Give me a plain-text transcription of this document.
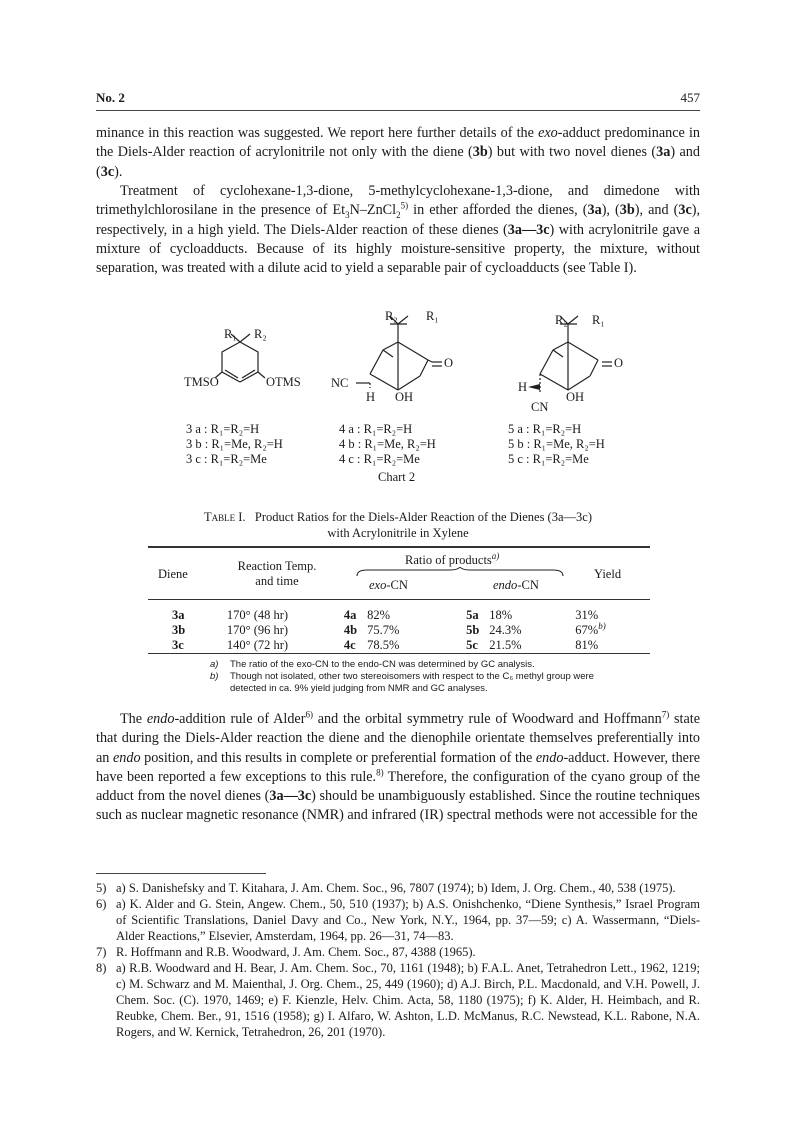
No. 2	457

minance in this reaction was suggested. We report here further details of the exo-adduct predominance in the Diels-Alder reaction of acrylonitrile not only with the diene (3b) but with two novel dienes (3a) and (3c).

Treatment of cyclohexane-1,3-dione, 5-methylcyclohexane-1,3-dione, and dimedone with trimethylchlorosilane in the presence of $Et_3N-ZnCl_2^{5)}$ in ether afforded the dienes, (3a), (3b), and (3c), respectively, in a high yield. The Diels-Alder reaction of these dienes (3a—3c) with acrylonitrile gave a mixture of cycloadducts. Because of its highly moisture-sensitive property, the mixture, without separation, was treated with a dilute acid to yield a separable pair of cycloadducts (see Table I).

R₁ R₂
TMSO	OTMS
R₂ R₁
O
NC
H OH
R₂ R₁
O
H
OH
CN
3 a : R₁=R₂=H
3 b : R₁=Me, R₂=H
3 c : R₁=R₂=Me
4 a : R₁=R₂=H
4 b : R₁=Me, R₂=H
4 c : R₁=R₂=Me
5 a : R₁=R₂=H
5 b : R₁=Me, R₂=H
5 c : R₁=R₂=Me
Chart 2
Table I. Product Ratios for the Diels-Alder Reaction of the Dienes (3a—3c)
with Acrylonitrile in Xylene
Diene
Reaction Temp.
and time
Ratio of products$^{a)}$
exo-CN	endo-CN
Yield
3a	170° (48 hr)	4a	82%	5a	18%	31%
3b	170° (96 hr)	4b	75.7%	5b	24.3%	67%$^{b)}$
3c	140° (72 hr)	4c	78.5%	5c	21.5%	81%
a)	The ratio of the exo-CN to the endo-CN was determined by GC analysis.
b)	Though not isolated, other two stereoisomers with respect to the C₆ methyl group were
detected in ca. 9% yield judging from NMR and GC analyses.

The endo-addition rule of Alder$^{6)}$ and the orbital symmetry rule of Woodward and Hoffmann$^{7)}$ state that during the Diels-Alder reaction the diene and the dienophile orientate themselves preferentially into an endo position, and this results in complete or preferential formation of the endo-adduct. However, there have been reported a few exceptions to this rule.$^{8)}$ Therefore, the configuration of the cyano group of the adduct from the novel dienes (3a—3c) should be unambiguously established. Since the routine techniques such as nuclear magnetic resonance (NMR) and infrared (IR) spectral methods were not accessible for the

5) a) S. Danishefsky and T. Kitahara, J. Am. Chem. Soc., 96, 7807 (1974); b) Idem, J. Org. Chem., 40, 538 (1975).
6) a) K. Alder and G. Stein, Angew. Chem., 50, 510 (1937); b) A.S. Onishchenko, “Diene Synthesis,” Israel Program of Scientific Translations, Daniel Davy and Co., New York, N.Y., 1964, pp. 37—59; c) A. Wassermann, “Diels-Alder Reactions,” Elsevier, Amsterdam, 1964, pp. 26—31, 74—83.
7) R. Hoffmann and R.B. Woodward, J. Am. Chem. Soc., 87, 4388 (1965).
8) a) R.B. Woodward and H. Bear, J. Am. Chem. Soc., 70, 1161 (1948); b) F.A.L. Anet, Tetrahedron Lett., 1962, 1219; c) M. Schwarz and M. Maienthal, J. Org. Chem., 25, 449 (1960); d) A.J. Birch, P.L. Macdonald, and V.H. Powell, J. Chem. Soc. (C). 1970, 1469; e) F. Kienzle, Helv. Chim. Acta, 58, 1180 (1975); f) K. Alder, H. Heimbach, and R. Reubke, Chem. Ber., 91, 1516 (1958); g) I. Alfaro, W. Ashton, L.D. McManus, R.C. Newstead, K.L. Rabone, N.A. Rogers, and W. Kernick, Tetrahedron, 26, 201 (1970).
